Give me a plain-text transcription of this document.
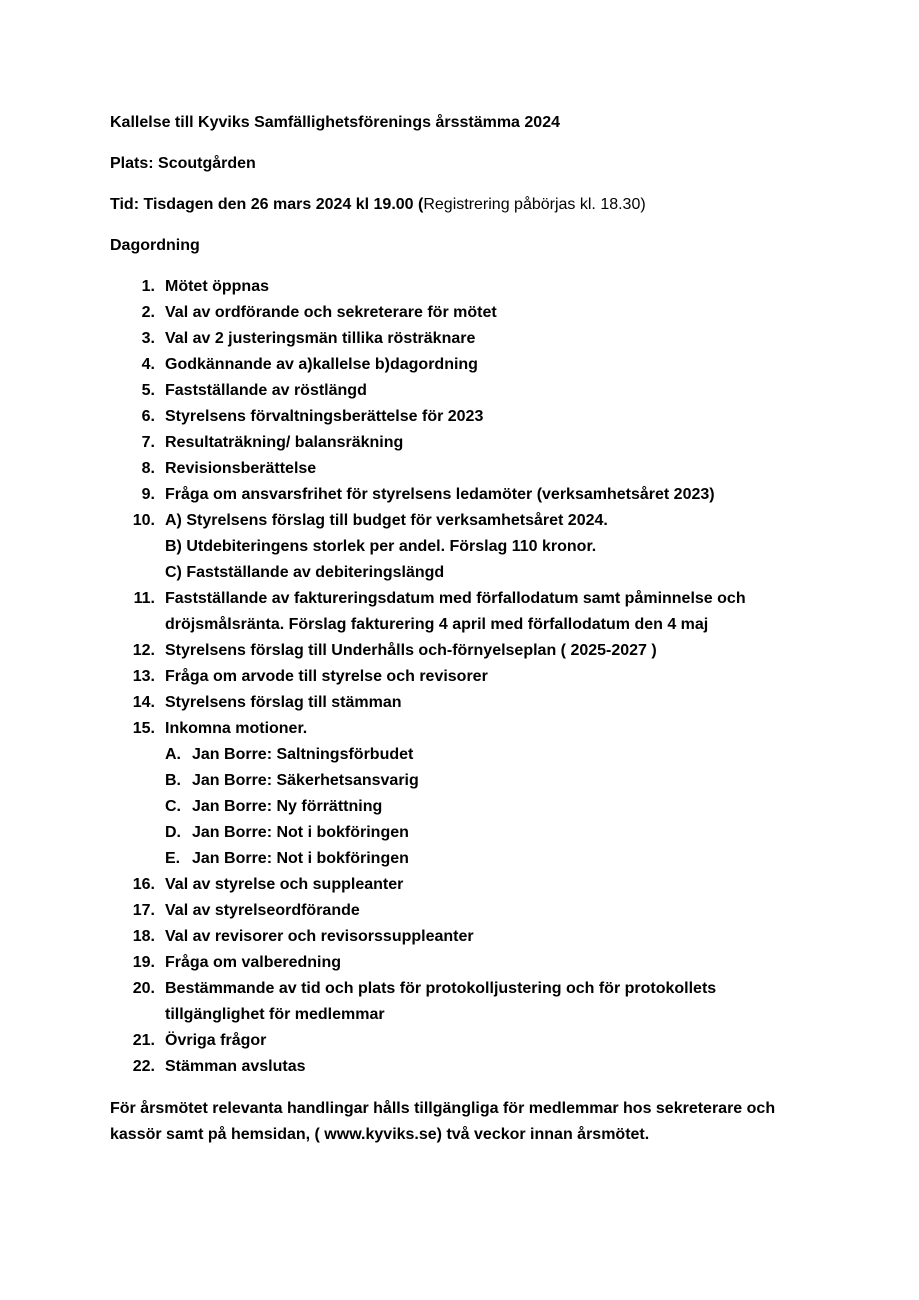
Kallelse till Kyviks Samfällighetsförenings årsstämma 2024

Plats: Scoutgården

Tid: Tisdagen den 26 mars 2024 kl 19.00 (Registrering påbörjas kl. 18.30)

Dagordning

1. Mötet öppnas
2. Val av ordförande och sekreterare för mötet
3. Val av 2 justeringsmän tillika rösträknare
4. Godkännande av a)kallelse b)dagordning
5. Fastställande av röstlängd
6. Styrelsens förvaltningsberättelse för 2023
7. Resultaträkning/ balansräkning
8. Revisionsberättelse
9. Fråga om ansvarsfrihet för styrelsens ledamöter (verksamhetsåret 2023)
10. A) Styrelsens förslag till budget för verksamhetsåret 2024.
B) Utdebiteringens storlek per andel. Förslag 110 kronor.
C) Fastställande av debiteringslängd
11. Fastställande av faktureringsdatum med förfallodatum samt påminnelse och
dröjsmålsränta. Förslag fakturering 4 april med förfallodatum den 4 maj
12. Styrelsens förslag till Underhålls och-förnyelseplan ( 2025-2027 )
13. Fråga om arvode till styrelse och revisorer
14. Styrelsens förslag till stämman
15. Inkomna motioner.
A. Jan Borre: Saltningsförbudet
B. Jan Borre: Säkerhetsansvarig
C. Jan Borre: Ny förrättning
D. Jan Borre: Not i bokföringen
E. Jan Borre: Not i bokföringen
16. Val av styrelse och suppleanter
17. Val av styrelseordförande
18. Val av revisorer och revisorssuppleanter
19. Fråga om valberedning
20. Bestämmande av tid och plats för protokolljustering och för protokollets
tillgänglighet för medlemmar
21. Övriga frågor
22. Stämman avslutas
För årsmötet relevanta handlingar hålls tillgängliga för medlemmar hos sekreterare och
kassör samt på hemsidan, ( www.kyviks.se) två veckor innan årsmötet.
